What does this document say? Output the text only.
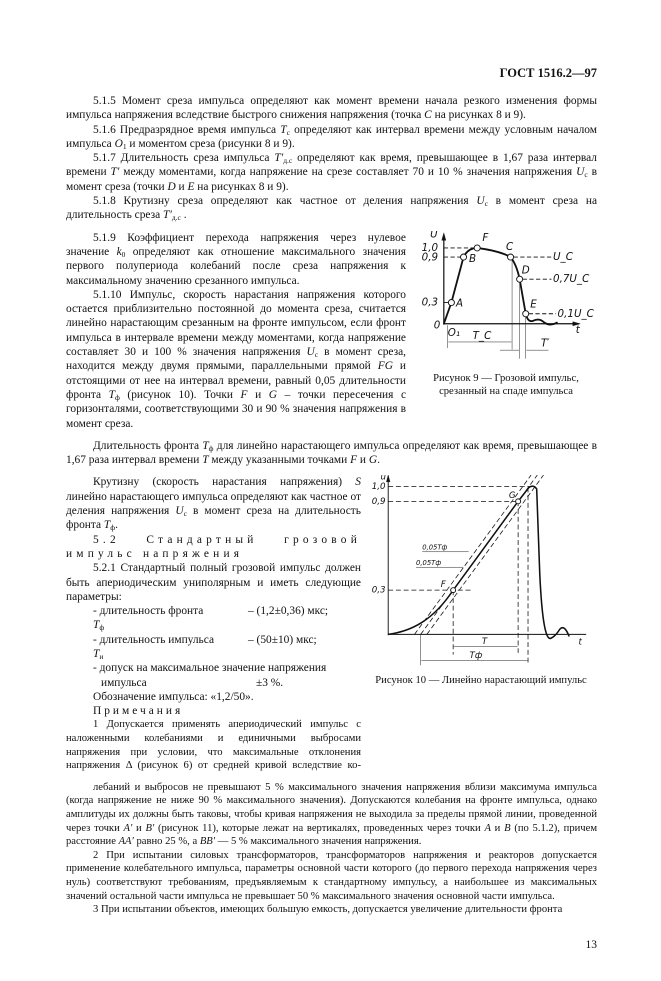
ГОСТ 1516.2—97

5.1.5 Момент среза импульса определяют как момент времени начала резкого изменения формы импульса напряжения вследствие быстрого снижения напряжения (точка C на рисунках 8 и 9).

5.1.6 Предразрядное время импульса $T_с$ определяют как интервал времени между условным началом импульса $O_1$ и моментом среза (рисунки 8 и 9).

5.1.7 Длительность среза импульса $T'_{д.с}$ определяют как время, превышающее в 1,67 раза интервал времени T′ между моментами, когда напряжение на срезе составляет 70 и 10 % значения напряжения $U_с$ в момент среза (точки D и E на рисунках 8 и 9).

5.1.8 Крутизну среза определяют как частное от деления напряжения $U_с$ в момент среза на длительность среза $T'_{д.с}$ .

5.1.9 Коэффициент перехода напряжения через нулевое значение $k_0$ определяют как отношение максимального значения первого полупериода колебаний после среза напряжения к максимальному значению срезанного импульса.

5.1.10 Импульс, скорость нарастания напряжения которого остается приблизительно постоянной до момента среза, считается линейно нарастающим срезанным на фронте импульсом, если фронт импульса в интервале времени между моментами, когда напряжение составляет 30 и 100 % значения напряжения $U_с$ в момент среза, находится между двумя прямыми, параллельными прямой FG и отстоящими от нее на интервал времени, равный 0,05 длительности фронта $T_ф$ (рисунок 10). Точки F и G – точки пересечения с горизонталями, соответствующими 30 и 90 % значения напряжения в момент среза.

U
1,0
0,9
0,3
0
O₁	t
A
B
F
C
D
E
U_C
0,7U_C
0,1U_C
T_C
T′
Рисунок 9 — Грозовой импульс,
срезанный на спаде импульса

Длительность фронта $T_ф$ для линейно нарастающего импульса определяют как время, превышающее в 1,67 раза интервал времени T между указанными точками F и G.

Крутизну (скорость нарастания напряжения) S линейно нарастающего импульса определяют как частное от деления напряжения $U_с$ в момент среза на длительность фронта $T_ф$.

5.2 Стандартный грозовой импульс напряжения

5.2.1 Стандартный полный грозовой импульс должен быть апериодическим униполярным и иметь следующие параметры:

- длительность фронта
$T_ф$
– (1,2±0,36) мкс;
- длительность импульса
$T_и$
– (50±10) мкс;
- допуск на максимальное значение напряжения
импульса	±3 %.

Обозначение импульса: «1,2/50».

Примечания

1 Допускается применять апериодический импульс с наложенными колебаниями и единичными выбросами напряжения при условии, что максимальные отклонения напряжения Δ (рисунок 6) от средней кривой вследствие ко-

u
1,0
0,9
0,3
t
F
G
0,05Tф
0,05Tф
T
Tф
Рисунок 10 — Линейно нарастающий импульс

лебаний и выбросов не превышают 5 % максимального значения напряжения вблизи максимума импульса (когда напряжение не ниже 90 % максимального значения). Допускаются колебания на фронте импульса, однако амплитуды их должны быть таковы, чтобы кривая напряжения не выходила за пределы прямой линии, проведенной через точки A′ и B′ (рисунок 11), которые лежат на вертикалях, проведенных через точки A и B (по 5.1.2), причем расстояние AA′ равно 25 %, а BB′ — 5 % максимального значения напряжения.

2 При испытании силовых трансформаторов, трансформаторов напряжения и реакторов допускается применение колебательного импульса, параметры основной части которого (до первого перехода напряжения через нуль) соответствуют требованиям, предъявляемым к стандартному импульсу, а наибольшее из максимальных значений остальной части импульса не превышает 50 % максимального значения основной части импульса.

3 При испытании объектов, имеющих большую емкость, допускается увеличение длительности фронта

13
